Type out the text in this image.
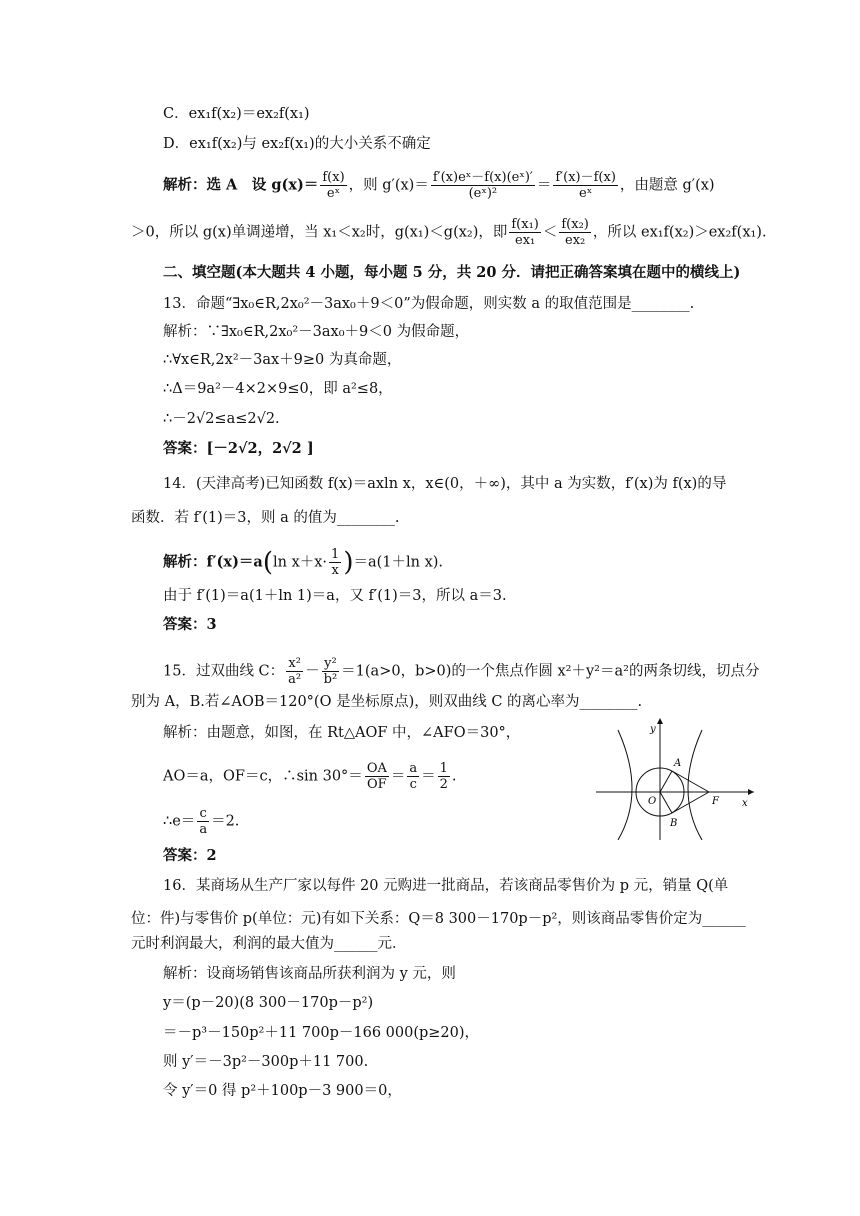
C．ex₁f(x₂)＝ex₂f(x₁)
D．ex₁f(x₂)与 ex₂f(x₁)的大小关系不确定
解析：选 A　设 $g(x)= \frac{f(x)}{\text{eˣ}}$ ，则 $g'(x)= \frac{\text{f′(x)eˣ－f(x)(eˣ)′}}{\text{(eˣ)²}} = \frac{f'(x)-f(x)}{\text{eˣ}}$ ，由题意 g′(x)
＞0，所以 g(x)单调递增，当 x₁＜x₂时，g(x₁)＜g(x₂)，即 $\frac{\text{f(x₁)}}{\text{ex₁}} < \frac{\text{f(x₂)}}{\text{ex₂}}$ ，所以 ex₁f(x₂)＞ex₂f(x₁).
二、填空题(本大题共 4 小题，每小题 5 分，共 20 分．请把正确答案填在题中的横线上)
13．命题“∃x₀∈R,2x₀²－3ax₀＋9＜0”为假命题，则实数 a 的取值范围是________.
解析：∵∃x₀∈R,2x₀²－3ax₀＋9＜0 为假命题，
∴∀x∈R,2x²－3ax＋9≥0 为真命题，
∴Δ＝9a²－4×2×9≤0，即 a²≤8，
∴－2√2≤a≤2√2.
答案：[－2√2，2√2 ]
14．(天津高考)已知函数 f(x)＝axln x，x∈(0，＋∞)，其中 a 为实数，f′(x)为 f(x)的导
函数．若 f′(1)＝3，则 a 的值为________.
解析：f′(x)＝a(ln $x+x\cdot \frac{1}{x} )=a(1+\ln$ x).
由于 f′(1)＝a(1＋ln 1)＝a，又 f′(1)＝3，所以 a＝3.
答案：3
15．过双曲线 C： $\frac{\text{x²}}{\text{a²}} - \frac{\text{y²}}{\text{b²}} =1(a>0$，b>0)的一个焦点作圆 x²＋y²＝a²的两条切线，切点分
别为 A，B.若∠AOB＝120°(O 是坐标原点)，则双曲线 C 的离心率为________.
解析：由题意，如图，在 Rt△AOF 中，∠AFO＝30°，
AO＝a，OF＝c，∴sin $30^\circ= \frac{OA}{OF} = \frac{a}{c} = \frac{1}{2}$ .
∴e＝ $\frac{c}{a} =2$.
答案：2
y
x
O	F
A
B
16．某商场从生产厂家以每件 20 元购进一批商品，若该商品零售价为 p 元，销量 Q(单
位：件)与零售价 p(单位：元)有如下关系：Q＝8 300－170p－p²，则该商品零售价定为______
元时利润最大，利润的最大值为______元．
解析：设商场销售该商品所获利润为 y 元，则
y＝(p－20)(8 300－170p－p²)
＝－p³－150p²＋11 700p－166 000(p≥20)，
则 y′＝－3p²－300p＋11 700.
令 y′＝0 得 p²＋100p－3 900＝0，
